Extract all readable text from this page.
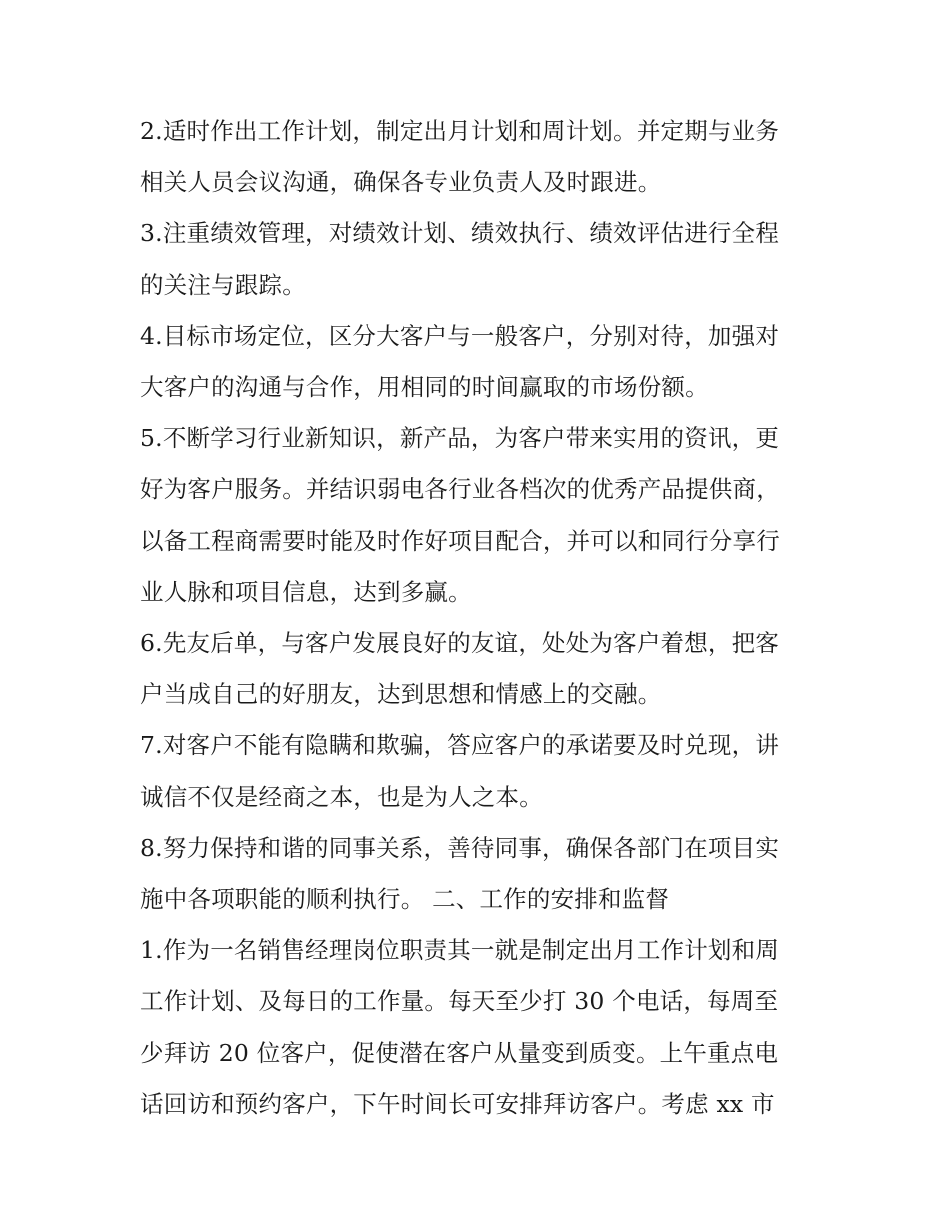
2.适时作出工作计划，制定出月计划和周计划。并定期与业务
相关人员会议沟通，确保各专业负责人及时跟进。

3.注重绩效管理，对绩效计划、绩效执行、绩效评估进行全程
的关注与跟踪。

4.目标市场定位，区分大客户与一般客户，分别对待，加强对
大客户的沟通与合作，用相同的时间赢取的市场份额。

5.不断学习行业新知识，新产品，为客户带来实用的资讯，更
好为客户服务。并结识弱电各行业各档次的优秀产品提供商，
以备工程商需要时能及时作好项目配合，并可以和同行分享行
业人脉和项目信息，达到多赢。

6.先友后单，与客户发展良好的友谊，处处为客户着想，把客
户当成自己的好朋友，达到思想和情感上的交融。

7.对客户不能有隐瞒和欺骗，答应客户的承诺要及时兑现，讲
诚信不仅是经商之本，也是为人之本。

8.努力保持和谐的同事关系，善待同事，确保各部门在项目实
施中各项职能的顺利执行。 二、工作的安排和监督

1.作为一名销售经理岗位职责其一就是制定出月工作计划和周
工作计划、及每日的工作量。每天至少打 30 个电话，每周至
少拜访 20 位客户，促使潜在客户从量变到质变。上午重点电
话回访和预约客户，下午时间长可安排拜访客户。考虑 xx 市
